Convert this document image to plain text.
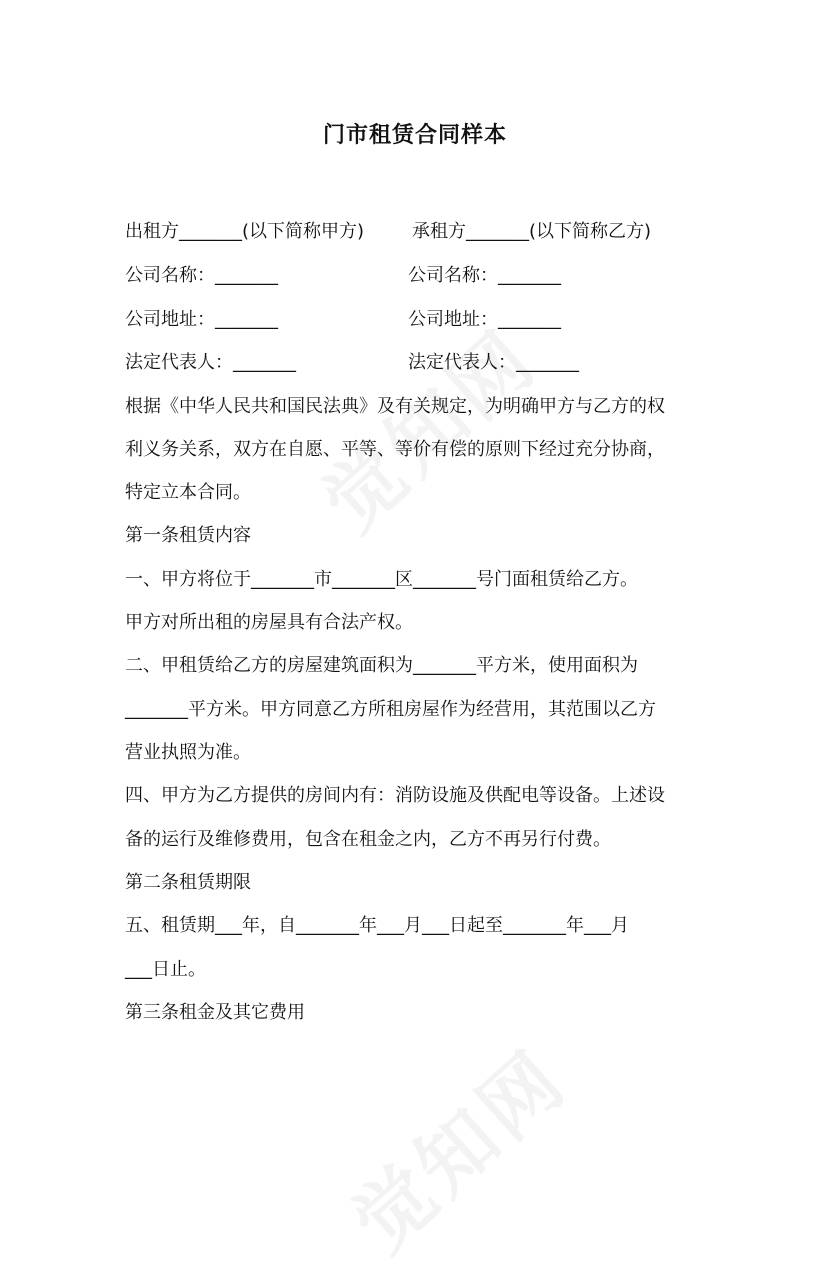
门市租赁合同样本
出租方_______(以下简称甲方)	承租方_______(以下简称乙方)
公司名称：_______	公司名称：_______
公司地址：_______	公司地址：_______
法定代表人：_______	法定代表人：_______
根据《中华人民共和国民法典》及有关规定，为明确甲方与乙方的权
利义务关系，双方在自愿、平等、等价有偿的原则下经过充分协商，
特定立本合同。
第一条租赁内容
一、甲方将位于_______市_______区_______号门面租赁给乙方。
甲方对所出租的房屋具有合法产权。
二、甲租赁给乙方的房屋建筑面积为_______平方米，使用面积为
_______平方米。甲方同意乙方所租房屋作为经营用，其范围以乙方
营业执照为准。
四、甲方为乙方提供的房间内有：消防设施及供配电等设备。上述设
备的运行及维修费用，包含在租金之内，乙方不再另行付费。
第二条租赁期限
五、租赁期___年，自_______年___月___日起至_______年___月
___日止。
第三条租金及其它费用
